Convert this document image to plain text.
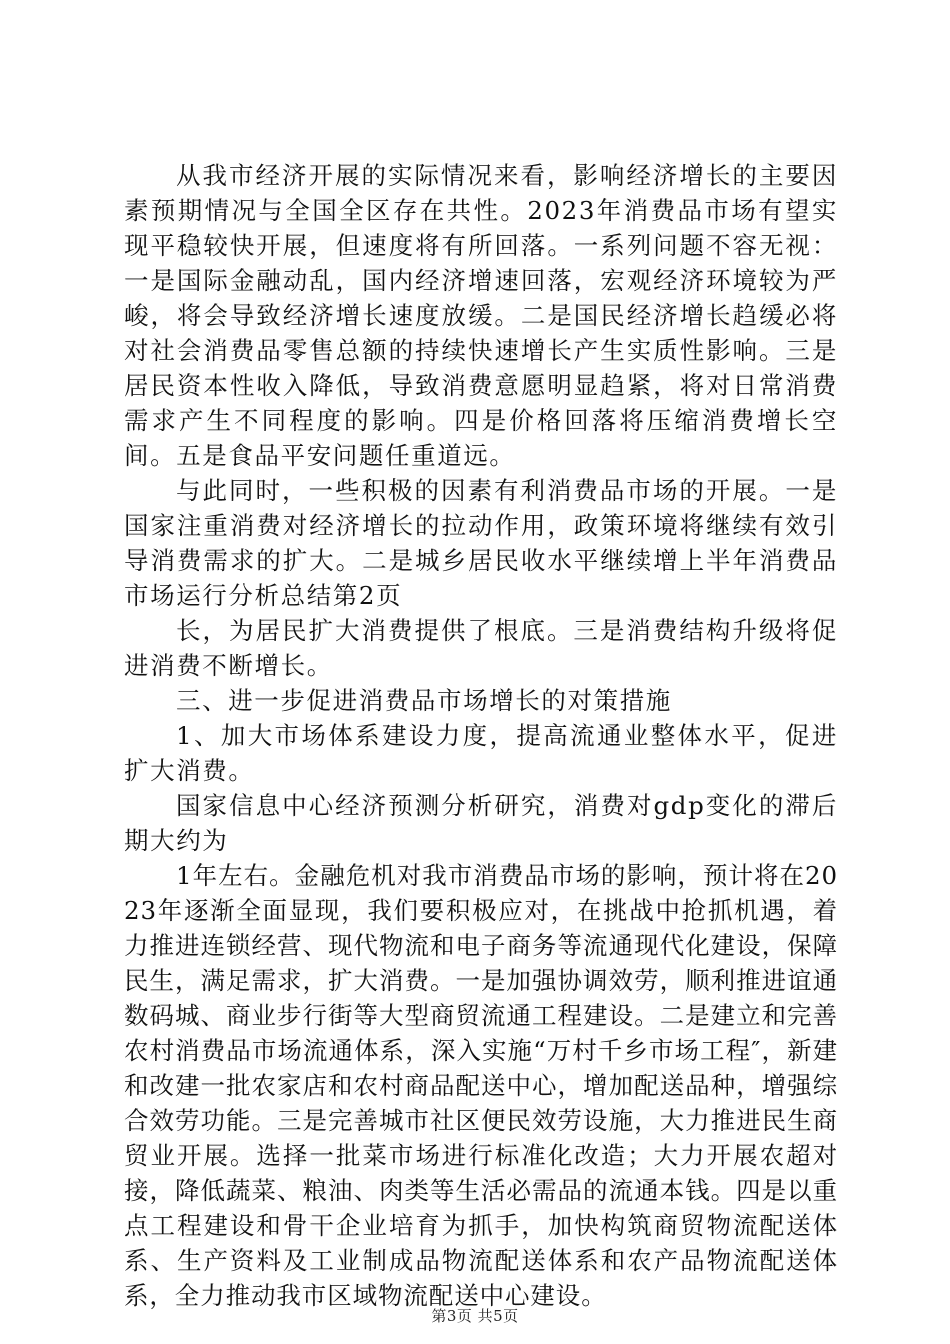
从我市经济开展的实际情况来看，影响经济增长的主要因素预期情况与全国全区存在共性。2023年消费品市场有望实现平稳较快开展，但速度将有所回落。一系列问题不容无视：一是国际金融动乱，国内经济增速回落，宏观经济环境较为严峻，将会导致经济增长速度放缓。二是国民经济增长趋缓必将对社会消费品零售总额的持续快速增长产生实质性影响。三是居民资本性收入降低，导致消费意愿明显趋紧，将对日常消费需求产生不同程度的影响。四是价格回落将压缩消费增长空间。五是食品平安问题任重道远。

与此同时，一些积极的因素有利消费品市场的开展。一是国家注重消费对经济增长的拉动作用，政策环境将继续有效引导消费需求的扩大。二是城乡居民收水平继续增上半年消费品市场运行分析总结第2页

长，为居民扩大消费提供了根底。三是消费结构升级将促进消费不断增长。

三、进一步促进消费品市场增长的对策措施

1、加大市场体系建设力度，提高流通业整体水平，促进扩大消费。

国家信息中心经济预测分析研究，消费对gdp变化的滞后期大约为

1年左右。金融危机对我市消费品市场的影响，预计将在2023年逐渐全面显现，我们要积极应对，在挑战中抢抓机遇，着力推进连锁经营、现代物流和电子商务等流通现代化建设，保障民生，满足需求，扩大消费。一是加强协调效劳，顺利推进谊通数码城、商业步行街等大型商贸流通工程建设。二是建立和完善农村消费品市场流通体系，深入实施“万村千乡市场工程″，新建和改建一批农家店和农村商品配送中心，增加配送品种，增强综合效劳功能。三是完善城市社区便民效劳设施，大力推进民生商贸业开展。选择一批菜市场进行标准化改造；大力开展农超对接，降低蔬菜、粮油、肉类等生活必需品的流通本钱。四是以重点工程建设和骨干企业培育为抓手，加快构筑商贸物流配送体系、生产资料及工业制成品物流配送体系和农产品物流配送体系，全力推动我市区域物流配送中心建设。

第3页 共5页
